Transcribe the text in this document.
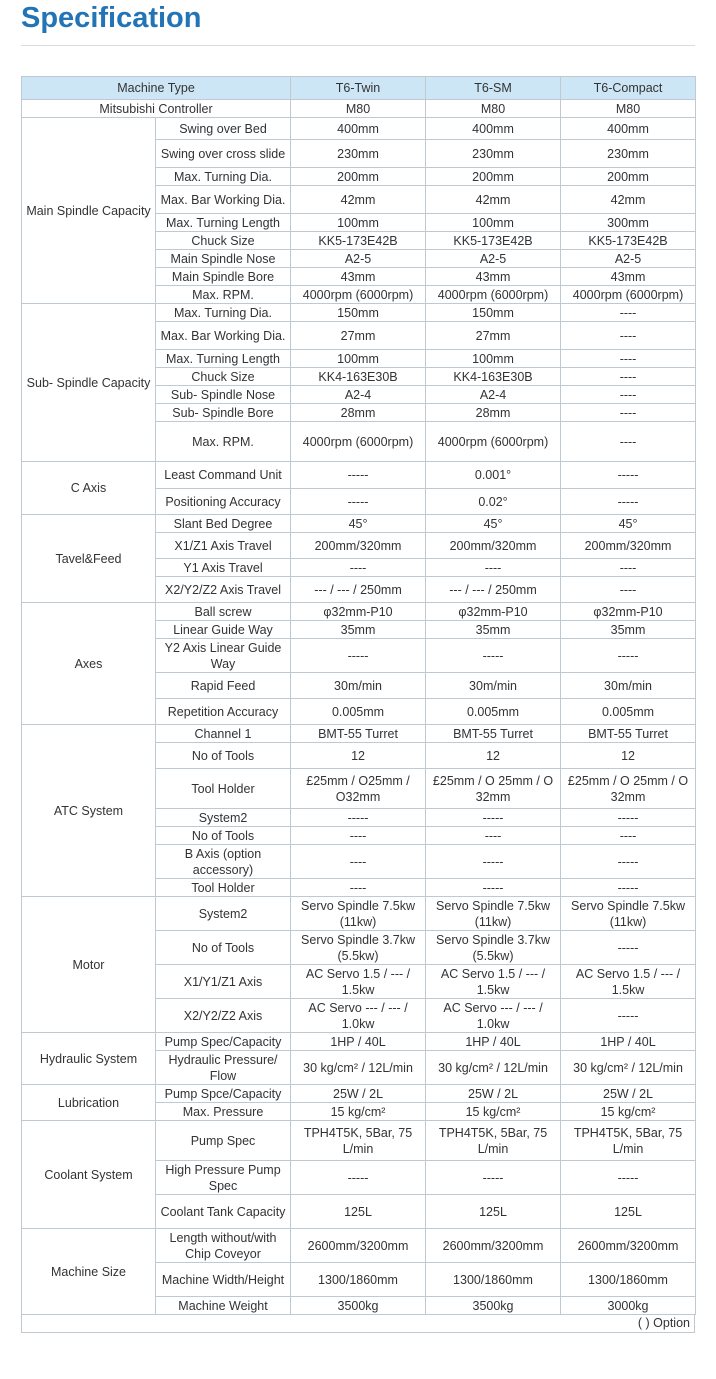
Specification
Machine Type		T6-Twin	T6-SM	T6-Compact
Mitsubishi Controller		M80	M80	M80
Main Spindle Capacity	Swing over Bed	400mm	400mm	400mm
	Swing over cross slide	230mm	230mm	230mm
	Max. Turning Dia.	200mm	200mm	200mm
	Max. Bar Working Dia.	42mm	42mm	42mm
	Max. Turning Length	100mm	100mm	300mm
	Chuck Size	KK5-173E42B	KK5-173E42B	KK5-173E42B
	Main Spindle Nose	A2-5	A2-5	A2-5
	Main Spindle Bore	43mm	43mm	43mm
	Max. RPM.	4000rpm (6000rpm)	4000rpm (6000rpm)	4000rpm (6000rpm)
Sub- Spindle Capacity	Max. Turning Dia.	150mm	150mm	----
	Max. Bar Working Dia.	27mm	27mm	----
	Max. Turning Length	100mm	100mm	----
	Chuck Size	KK4-163E30B	KK4-163E30B	----
	Sub- Spindle Nose	A2-4	A2-4	----
	Sub- Spindle Bore	28mm	28mm	----
	Max. RPM.	4000rpm (6000rpm)	4000rpm (6000rpm)	----
C Axis	Least Command Unit	-----	0.001°	-----
	Positioning Accuracy	-----	0.02°	-----
Tavel&Feed	Slant Bed Degree	45°	45°	45°
	X1/Z1 Axis Travel	200mm/320mm	200mm/320mm	200mm/320mm
	Y1 Axis Travel	----	----	----
	X2/Y2/Z2 Axis Travel	--- / --- / 250mm	--- / --- / 250mm	----
Axes	Ball screw	φ32mm-P10	φ32mm-P10	φ32mm-P10
	Linear Guide Way	35mm	35mm	35mm
	Y2 Axis Linear Guide Way	-----	-----	-----
	Rapid Feed	30m/min	30m/min	30m/min
	Repetition Accuracy	0.005mm	0.005mm	0.005mm
ATC System	Channel 1	BMT-55 Turret	BMT-55 Turret	BMT-55 Turret
	No of Tools	12	12	12
	Tool Holder	£25mm / O25mm / O32mm	£25mm / O 25mm / O 32mm	£25mm / O 25mm / O 32mm
	System2	-----	-----	-----
	No of Tools	----	----	----
	B Axis (option accessory)	----	-----	-----
	Tool Holder	----	-----	-----
Motor	System2	Servo Spindle 7.5kw (11kw)	Servo Spindle 7.5kw (11kw)	Servo Spindle 7.5kw (11kw)
	No of Tools	Servo Spindle 3.7kw (5.5kw)	Servo Spindle 3.7kw (5.5kw)	-----
	X1/Y1/Z1 Axis	AC Servo 1.5 / --- / 1.5kw	AC Servo 1.5 / --- / 1.5kw	AC Servo 1.5 / --- / 1.5kw
	X2/Y2/Z2 Axis	AC Servo --- / --- / 1.0kw	AC Servo --- / --- / 1.0kw	-----
Hydraulic System	Pump Spec/Capacity	1HP / 40L	1HP / 40L	1HP / 40L
	Hydraulic Pressure/ Flow	30 kg/cm² / 12L/min	30 kg/cm² / 12L/min	30 kg/cm² / 12L/min
Lubrication	Pump Spce/Capacity	25W / 2L	25W / 2L	25W / 2L
	Max. Pressure	15 kg/cm²	15 kg/cm²	15 kg/cm²
Coolant System	Pump Spec	TPH4T5K, 5Bar, 75 L/min	TPH4T5K, 5Bar, 75 L/min	TPH4T5K, 5Bar, 75 L/min
	High Pressure Pump Spec	-----	-----	-----
	Coolant Tank Capacity	125L	125L	125L
Machine Size	Length without/with Chip Coveyor	2600mm/3200mm	2600mm/3200mm	2600mm/3200mm
	Machine Width/Height	1300/1860mm	1300/1860mm	1300/1860mm
	Machine Weight	3500kg	3500kg	3000kg
( ) Option
